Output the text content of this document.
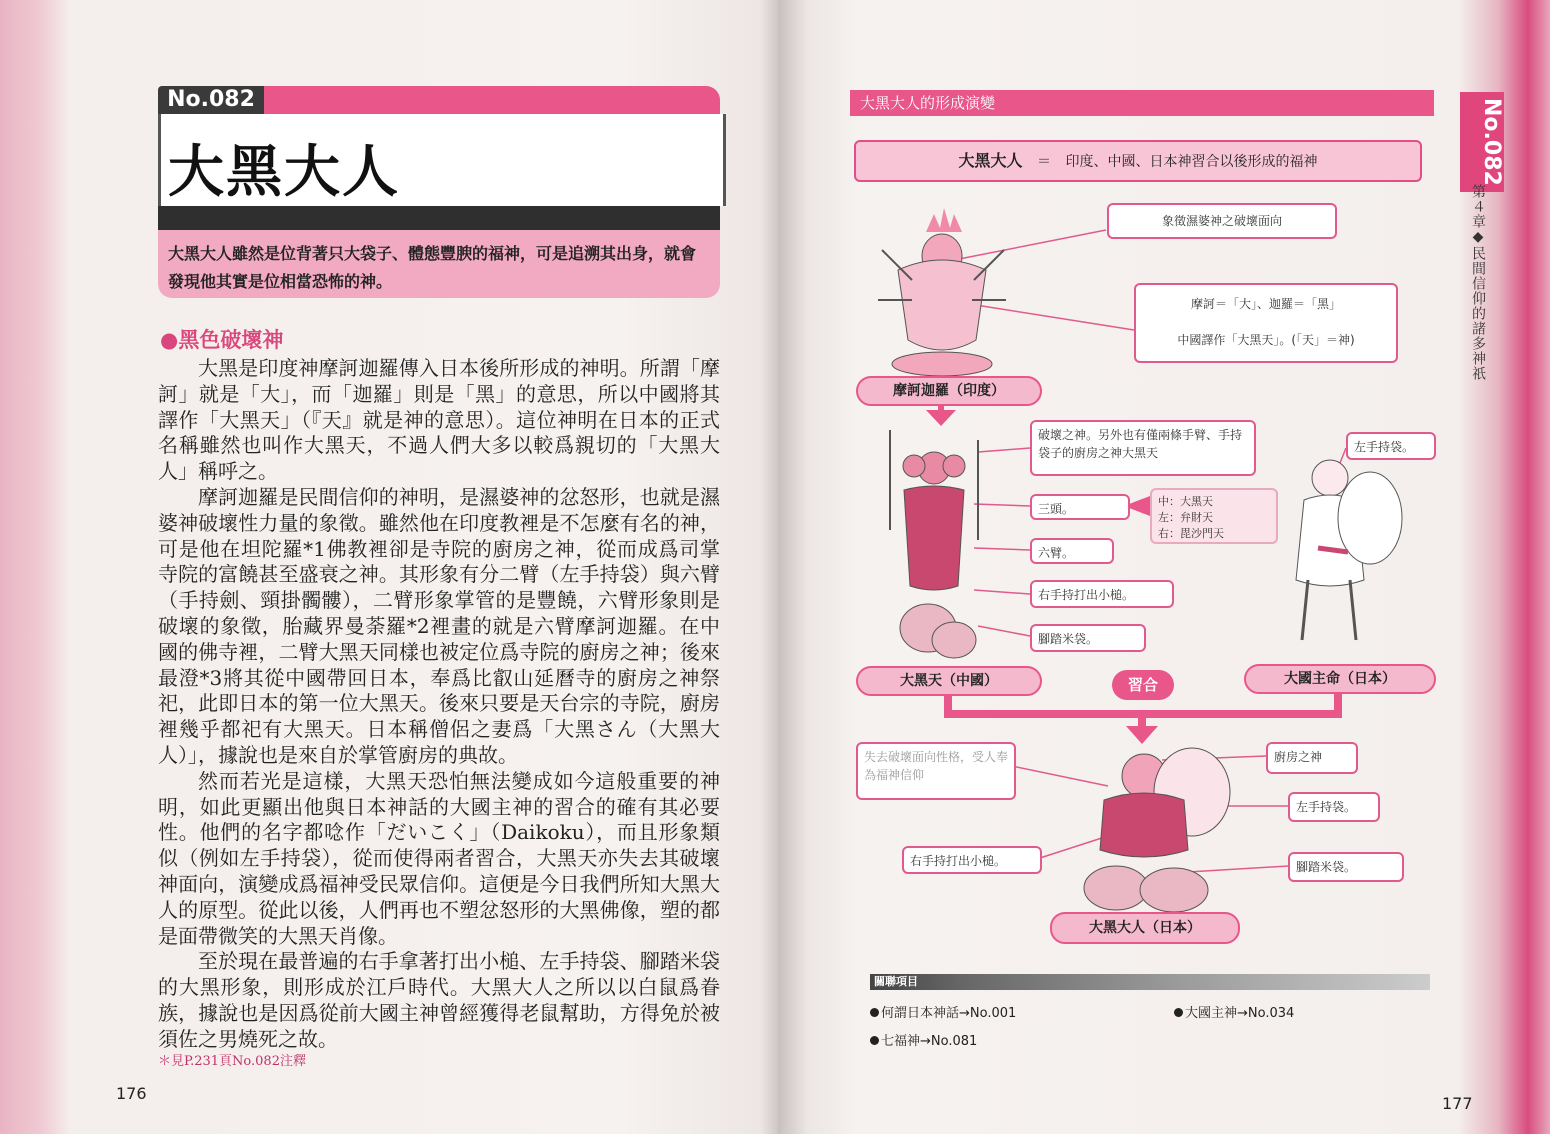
No.082
大黑大人

大黑大人雖然是位背著只大袋子、體態豐腴的福神，可是追溯其出身，就會發現他其實是位相當恐怖的神。

●黑色破壞神

大黑是印度神摩訶迦羅傳入日本後所形成的神明。所謂「摩訶」就是「大」，而「迦羅」則是「黑」的意思，所以中國將其譯作「大黑天」（『天』就是神的意思）。這位神明在日本的正式名稱雖然也叫作大黑天，不過人們大多以較爲親切的「大黑大人」稱呼之。

摩訶迦羅是民間信仰的神明，是濕婆神的忿怒形，也就是濕婆神破壞性力量的象徵。雖然他在印度教裡是不怎麼有名的神，可是他在坦陀羅*1佛教裡卻是寺院的廚房之神，從而成爲司掌寺院的富饒甚至盛衰之神。其形象有分二臂（左手持袋）與六臂（手持劍、頸掛髑髏），二臂形象掌管的是豐饒，六臂形象則是破壞的象徵，胎藏界曼荼羅*2裡畫的就是六臂摩訶迦羅。在中國的佛寺裡，二臂大黑天同樣也被定位爲寺院的廚房之神；後來最澄*3將其從中國帶回日本，奉爲比叡山延曆寺的廚房之神祭祀，此即日本的第一位大黑天。後來只要是天台宗的寺院，廚房裡幾乎都祀有大黑天。日本稱僧侶之妻爲「大黑さん（大黑大人）」，據說也是來自於掌管廚房的典故。

然而若光是這樣，大黑天恐怕無法變成如今這般重要的神明，如此更顯出他與日本神話的大國主神的習合的確有其必要性。他們的名字都唸作「だいこく」（Daikoku），而且形象類似（例如左手持袋），從而使得兩者習合，大黑天亦失去其破壞神面向，演變成爲福神受民眾信仰。這便是今日我們所知大黑大人的原型。從此以後，人們再也不塑忿怒形的大黑佛像，塑的都是面帶微笑的大黑天肖像。

至於現在最普遍的右手拿著打出小槌、左手持袋、腳踏米袋的大黑形象，則形成於江戶時代。大黑大人之所以以白鼠爲眷族，據說也是因爲從前大國主神曾經獲得老鼠幫助，方得免於被須佐之男燒死之故。

＊見P.231頁No.082注釋
176
大黑大人的形成演變
大黑大人 ＝ 印度、中國、日本神習合以後形成的福神
象徵濕婆神之破壞面向
摩訶＝「大」、迦羅＝「黑」
中國譯作「大黑天」。(「天」＝神)
摩訶迦羅（印度）
破壞之神。另外也有僅兩條手臂、手持袋子的廚房之神大黑天
三頭。
中：大黑天
左：弁財天
右：毘沙門天
六臂。
右手持打出小槌。
腳踏米袋。
左手持袋。
大黑天（中國）	習合	大國主命（日本）
失去破壞面向性格，受人奉為福神信仰
廚房之神
左手持袋。
右手持打出小槌。	腳踏米袋。
大黑大人（日本）
關聯項目
何謂日本神話→No.001	大國主神→No.034
七福神→No.081
No.082
第４章◆民間信仰的諸多神祇
177
